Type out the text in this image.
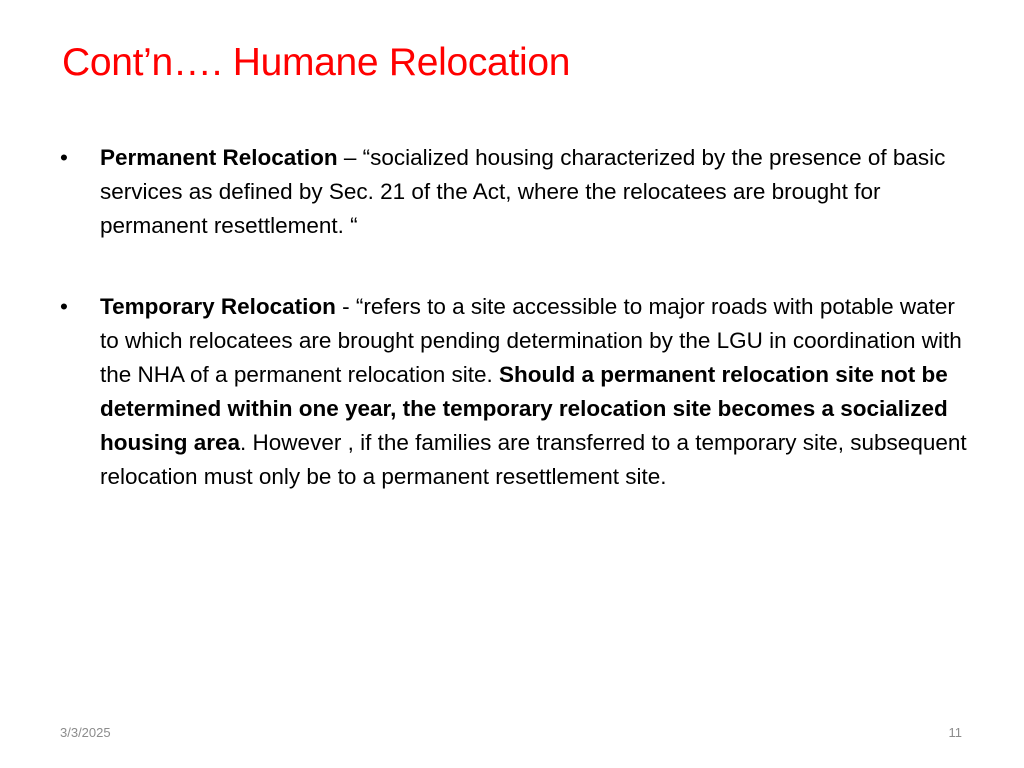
Cont’n…. Humane Relocation
•	Permanent Relocation – “socialized housing characterized by the presence of basic services as defined by Sec. 21 of the Act, where the relocatees are brought for permanent resettlement. “
•	Temporary Relocation - “refers to a site accessible to major roads with potable water to which relocatees are brought pending determination by the LGU in coordination with the NHA of a permanent relocation site. Should a permanent relocation site not be determined within one year, the temporary relocation site becomes a socialized housing area. However , if the families are transferred to a temporary site, subsequent relocation must only be to a permanent resettlement site.
3/3/2025	11
